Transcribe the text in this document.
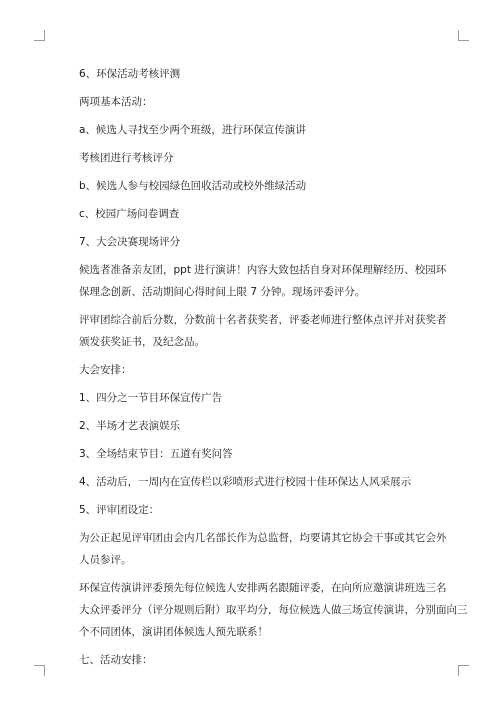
6、环保活动考核评测

两项基本活动：

a、候选人寻找至少两个班级，进行环保宣传演讲

考核团进行考核评分

b、候选人参与校园绿色回收活动或校外维绿活动

c、校园广场问卷调查

7、大会决赛现场评分

候选者准备亲友团，ppt 进行演讲！内容大致包括自身对环保理解经历、校园环

保理念创新、活动期间心得时间上限 7 分钟。现场评委评分。

评审团综合前后分数，分数前十名者获奖者，评委老师进行整体点评并对获奖者

颁发获奖证书，及纪念品。

大会安排：

1、四分之一节目环保宣传广告

2、半场才艺表演娱乐

3、全场结束节目：五道有奖问答

4、活动后，一周内在宣传栏以彩喷形式进行校园十佳环保达人风采展示

5、评审团设定：

为公正起见评审团由会内几名部长作为总监督，均要请其它协会干事或其它会外

人员参评。

环保宣传演讲评委预先每位候选人安排两名跟随评委，在向所应邀演讲班选三名

大众评委评分（评分规则后附）取平均分，每位候选人做三场宣传演讲，分别面向三

个不同团体，演讲团体候选人预先联系！

七、活动安排：
